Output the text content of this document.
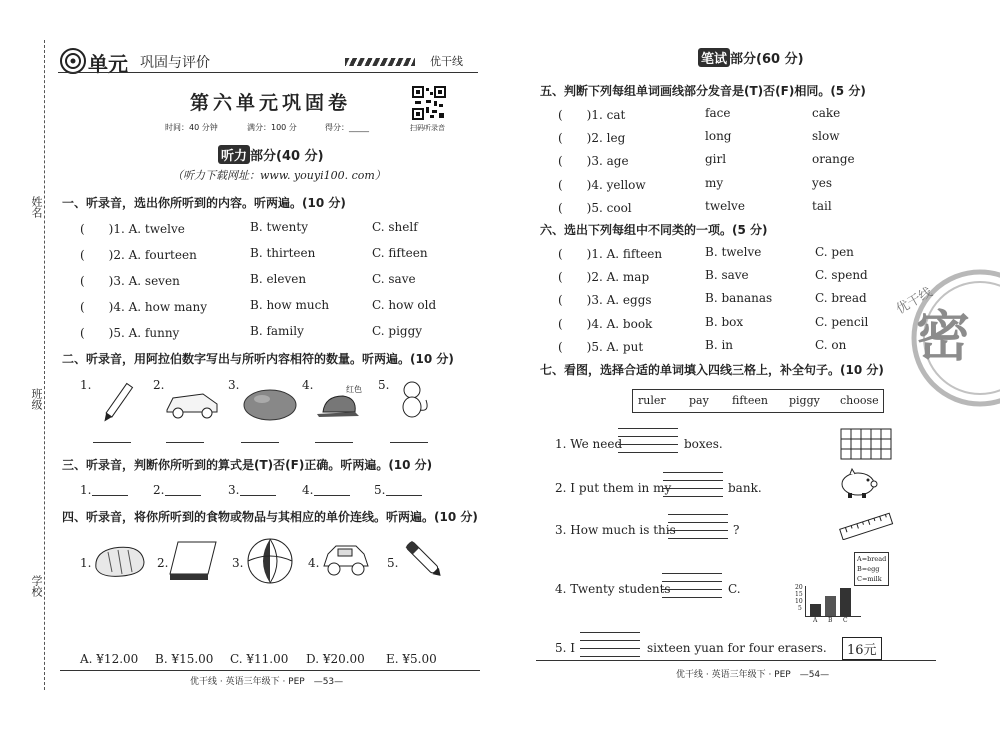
姓名
班级
学校
单元 巩固与评价	优干线
第六单元巩固卷
时间：40 分钟	满分：100 分	得分：_____	扫码听录音
听力 部分(40 分)
（听力下载网址：www. youyi100. com）
一、听录音，选出你所听到的内容。听两遍。(10 分)
(　　)1. A. twelve	B. twenty	C. shelf
(　　)2. A. fourteen	B. thirteen	C. fifteen
(　　)3. A. seven	B. eleven	C. save
(　　)4. A. how many	B. how much	C. how old
(　　)5. A. funny	B. family	C. piggy
二、听录音，用阿拉伯数字写出与所听内容相符的数量。听两遍。(10 分)
1.	2.	3.	4.	5.
红色
三、听录音，判断你所听到的算式是(T)否(F)正确。听两遍。(10 分)
1.	2.	3.	4.	5.
四、听录音，将你所听到的食物或物品与其相应的单价连线。听两遍。(10 分)
1.	2.	3.	4.	5.
A. ¥12.00 B. ¥15.00 C. ¥11.00 D. ¥20.00 E. ¥5.00
优干线 · 英语三年级下 · PEP　—53—
笔试 部分(60 分)
五、判断下列每组单词画线部分发音是(T)否(F)相同。(5 分)
(　　)1. cat	face	cake
(　　)2. leg	long	slow
(　　)3. age	girl	orange
(　　)4. yellow	my	yes
(　　)5. cool	twelve	tail
六、选出下列每组中不同类的一项。(5 分)
(　　)1. A. fifteen	B. twelve	C. pen
(　　)2. A. map	B. save	C. spend
(　　)3. A. eggs	B. bananas	C. bread
(　　)4. A. book	B. box	C. pencil
(　　)5. A. put	B. in	C. on
优干线
密
七、看图，选择合适的单词填入四线三格上，补全句子。(10 分)
ruler pay fifteen piggy choose
1. We need	boxes.
2. I put them in my	bank.
3. How much is this	?
4. Twenty students	C.
A=bread
B=egg
C=milk
20
15
10
5
A B C
5. I	sixteen yuan for four erasers.	16元
优干线 · 英语三年级下 · PEP　—54—
